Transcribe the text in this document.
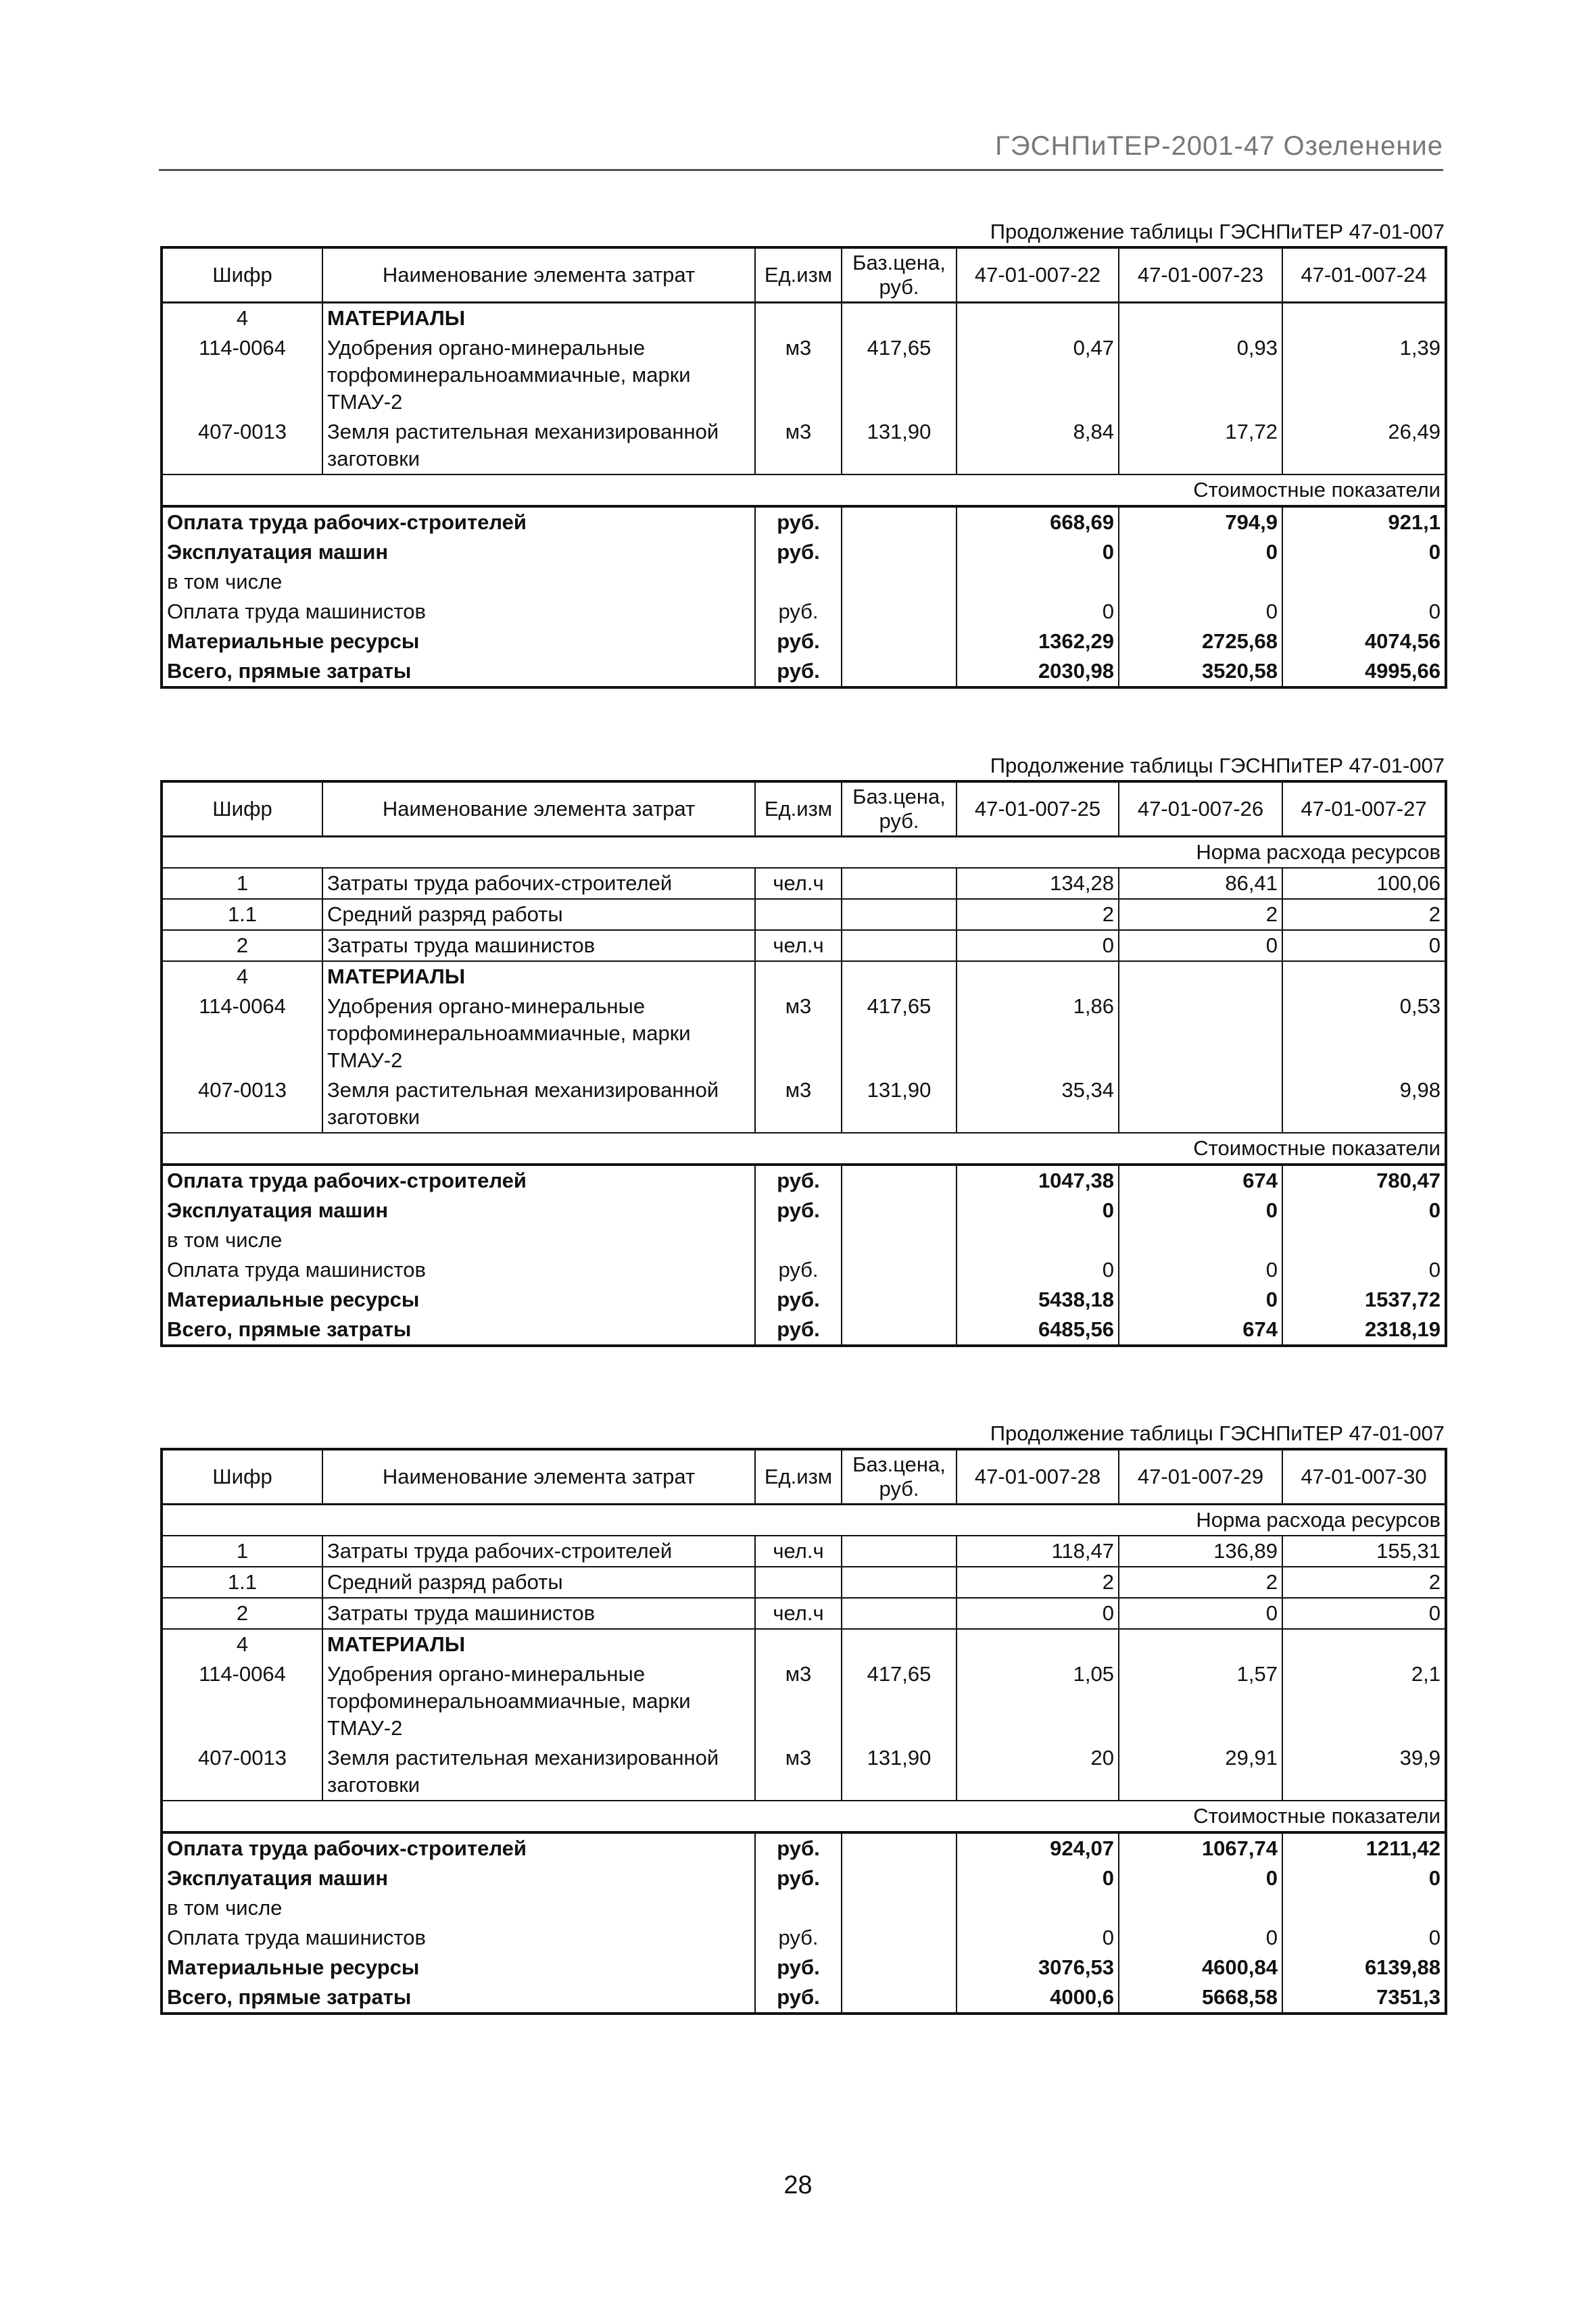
ГЭСНПиТЕР-2001-47 Озеленение
Продолжение таблицы ГЭСНПиТЕР 47-01-007
Шифр	Наименование элемента затрат	Ед.изм	Баз.цена, руб.	47-01-007-22	47-01-007-23	47-01-007-24
4	МАТЕРИАЛЫ					
114-0064	Удобрения органо-минеральные торфоминеральноаммиачные, марки ТМАУ-2	м3	417,65	0,47	0,93	1,39
407-0013	Земля растительная механизированной заготовки	м3	131,90	8,84	17,72	26,49
Стоимостные показатели						
Оплата труда рабочих-строителей		руб.		668,69	794,9	921,1
Эксплуатация машин		руб.		0	0	0
в том числе						
Оплата труда машинистов		руб.		0	0	0
Материальные ресурсы		руб.		1362,29	2725,68	4074,56
Всего, прямые затраты		руб.		2030,98	3520,58	4995,66
Продолжение таблицы ГЭСНПиТЕР 47-01-007
Шифр	Наименование элемента затрат	Ед.изм	Баз.цена, руб.	47-01-007-25	47-01-007-26	47-01-007-27
Норма расхода ресурсов						
1	Затраты труда рабочих-строителей	чел.ч		134,28	86,41	100,06
1.1	Средний разряд работы			2	2	2
2	Затраты труда машинистов	чел.ч		0	0	0
4	МАТЕРИАЛЫ					
114-0064	Удобрения органо-минеральные торфоминеральноаммиачные, марки ТМАУ-2	м3	417,65	1,86		0,53
407-0013	Земля растительная механизированной заготовки	м3	131,90	35,34		9,98
Стоимостные показатели						
Оплата труда рабочих-строителей		руб.		1047,38	674	780,47
Эксплуатация машин		руб.		0	0	0
в том числе						
Оплата труда машинистов		руб.		0	0	0
Материальные ресурсы		руб.		5438,18	0	1537,72
Всего, прямые затраты		руб.		6485,56	674	2318,19
Продолжение таблицы ГЭСНПиТЕР 47-01-007
Шифр	Наименование элемента затрат	Ед.изм	Баз.цена, руб.	47-01-007-28	47-01-007-29	47-01-007-30
Норма расхода ресурсов						
1	Затраты труда рабочих-строителей	чел.ч		118,47	136,89	155,31
1.1	Средний разряд работы			2	2	2
2	Затраты труда машинистов	чел.ч		0	0	0
4	МАТЕРИАЛЫ					
114-0064	Удобрения органо-минеральные торфоминеральноаммиачные, марки ТМАУ-2	м3	417,65	1,05	1,57	2,1
407-0013	Земля растительная механизированной заготовки	м3	131,90	20	29,91	39,9
Стоимостные показатели						
Оплата труда рабочих-строителей		руб.		924,07	1067,74	1211,42
Эксплуатация машин		руб.		0	0	0
в том числе						
Оплата труда машинистов		руб.		0	0	0
Материальные ресурсы		руб.		3076,53	4600,84	6139,88
Всего, прямые затраты		руб.		4000,6	5668,58	7351,3
28
